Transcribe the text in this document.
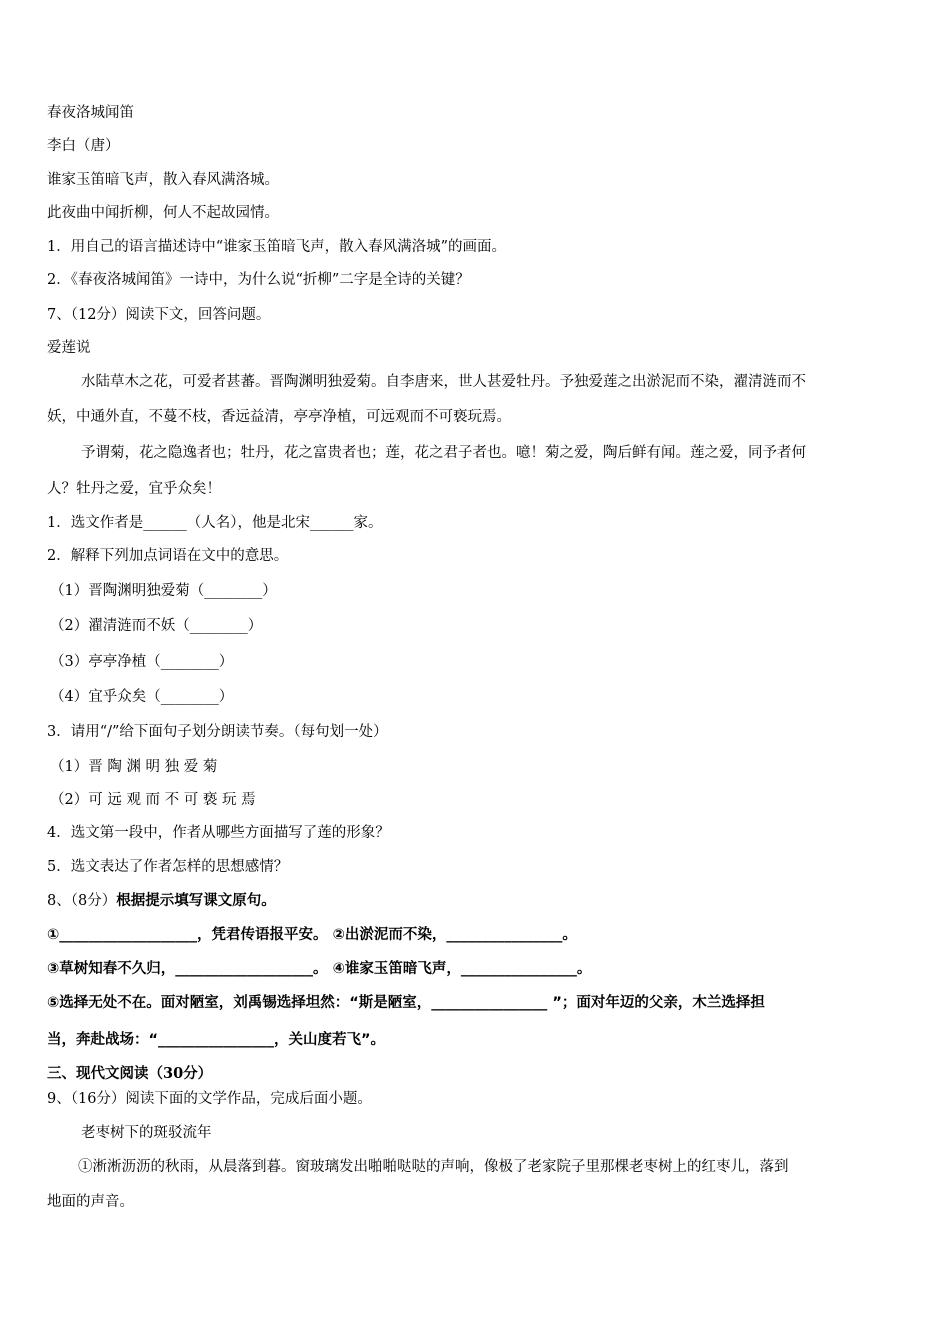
春夜洛城闻笛
李白（唐）
谁家玉笛暗飞声，散入春风满洛城。
此夜曲中闻折柳，何人不起故园情。
1．用自己的语言描述诗中“谁家玉笛暗飞声，散入春风满洛城”的画面。
2．《春夜洛城闻笛》一诗中，为什么说“折柳”二字是全诗的关键？
7、（12分）阅读下文，回答问题。
爱莲说
水陆草木之花，可爱者甚蕃。晋陶渊明独爱菊。自李唐来，世人甚爱牡丹。予独爱莲之出淤泥而不染，濯清涟而不
妖，中通外直，不蔓不枝，香远益清，亭亭净植，可远观而不可亵玩焉。
予谓菊，花之隐逸者也；牡丹，花之富贵者也；莲，花之君子者也。噫！菊之爱，陶后鲜有闻。莲之爱，同予者何
人？牡丹之爱，宜乎众矣！
1．选文作者是______（人名），他是北宋______家。
2．解释下列加点词语在文中的意思。
（1）晋陶渊明独爱菊（________）
（2）濯清涟而不妖（________）
（3）亭亭净植（________）
（4）宜乎众矣（________）
3．请用“/”给下面句子划分朗读节奏。（每句划一处）
（1）晋 陶 渊 明 独 爱 菊
（2）可 远 观 而 不 可 亵 玩 焉
4．选文第一段中，作者从哪些方面描写了莲的形象？
5．选文表达了作者怎样的思想感情？
8、（8分）根据提示填写课文原句。
①___________________，凭君传语报平安。 ②出淤泥而不染，________________。
③草树知春不久归，___________________。 ④谁家玉笛暗飞声，________________。
⑤选择无处不在。面对陋室，刘禹锡选择坦然：“斯是陋室，________________ ”；面对年迈的父亲，木兰选择担
当，奔赴战场：“________________，关山度若飞”。
三、现代文阅读（30分）
9、（16分）阅读下面的文学作品，完成后面小题。
老枣树下的斑驳流年
①淅淅沥沥的秋雨，从晨落到暮。窗玻璃发出啪啪哒哒的声响，像极了老家院子里那棵老枣树上的红枣儿，落到
地面的声音。
